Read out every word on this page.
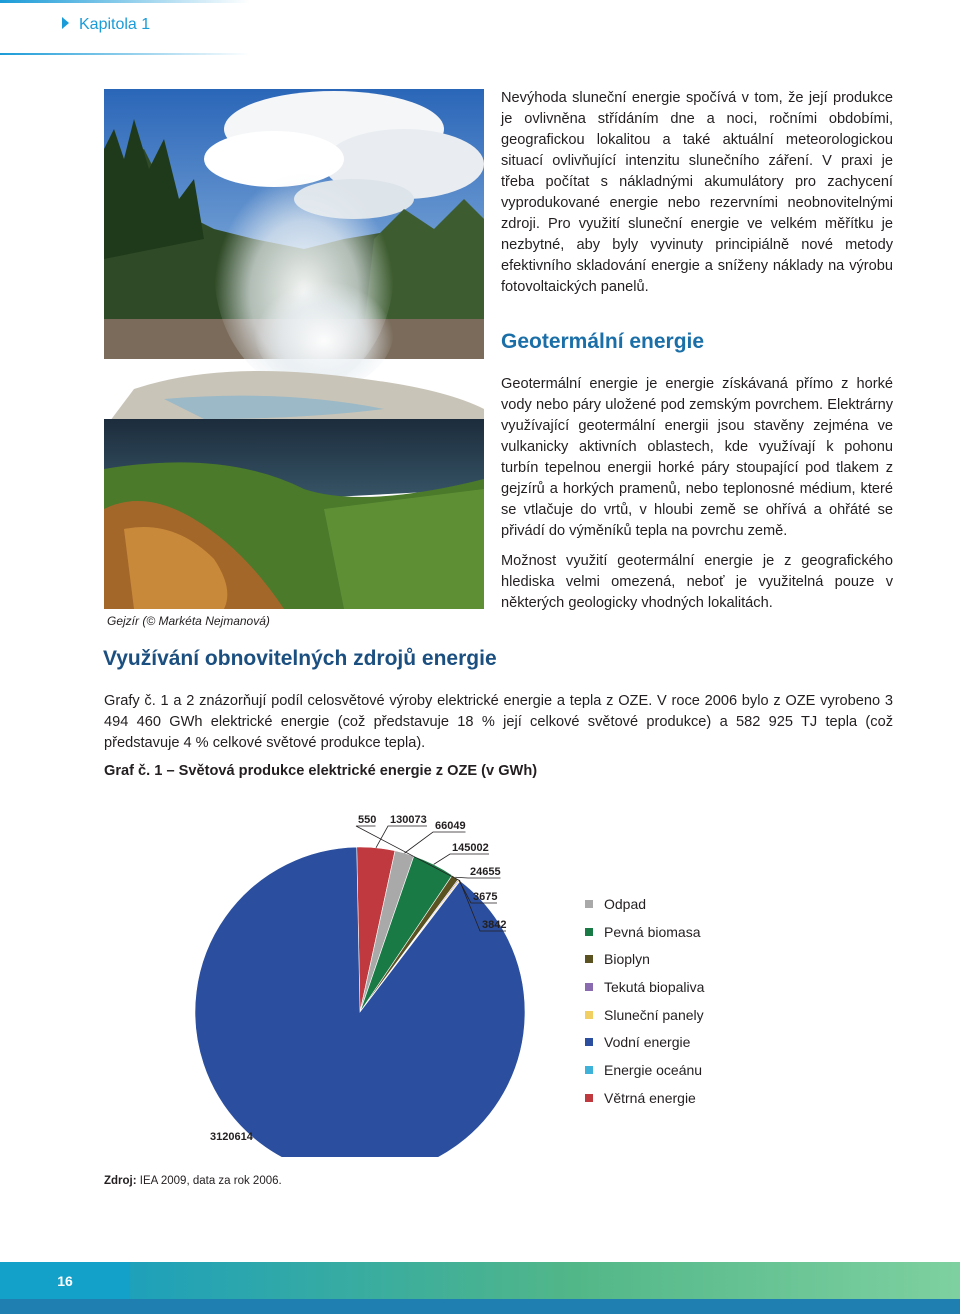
Kapitola 1
Gejzír (© Markéta Nejmanová)
Nevýhoda sluneční energie spočívá v tom, že její produkce je ovlivněna střídáním dne a noci, ročními obdobími, geografickou lokalitou a také aktuální meteorologickou situací ovlivňující intenzitu slunečního záření. V praxi je třeba počítat s nákladnými akumulátory pro zachycení vyprodukované energie nebo rezervními neobnovitelnými zdroji. Pro využití sluneční energie ve velkém měřítku je nezbytné, aby byly vyvinuty principiálně nové metody efektivního skladování energie a sníženy náklady na výrobu fotovoltaických panelů.
Geotermální energie
Geotermální energie je energie získávaná přímo z horké vody nebo páry uložené pod zemským povrchem. Elektrárny využívající geotermální energii jsou stavěny zejména ve vulkanicky aktivních oblastech, kde využívají k pohonu turbín tepelnou energii horké páry stoupající pod tlakem z gejzírů a horkých pramenů, nebo teplonosné médium, které se vtlačuje do vrtů, v hloubi země se ohřívá a ohřáté se přivádí do výměníků tepla na povrchu země.
Možnost využití geotermální energie je z geografického hlediska velmi omezená, neboť je využitelná pouze v některých geologicky vhodných lokalitách.
Využívání obnovitelných zdrojů energie
Grafy č. 1 a 2 znázorňují podíl celosvětové výroby elektrické energie a tepla z OZE. V roce 2006 bylo z OZE vyrobeno 3 494 460 GWh elektrické energie (což představuje 18 % její celkové světové produkce) a 582 925 TJ tepla (což představuje 4 % celkové světové produkce tepla).
Graf č. 1 – Světová produkce elektrické energie z OZE (v GWh)
130073 66049
145002
24655
3675
3842
550
3120614
Odpad
Pevná biomasa
Bioplyn
Tekutá biopaliva
Sluneční panely
Vodní energie
Energie oceánu
Větrná energie
Zdroj: IEA 2009, data za rok 2006.
16
